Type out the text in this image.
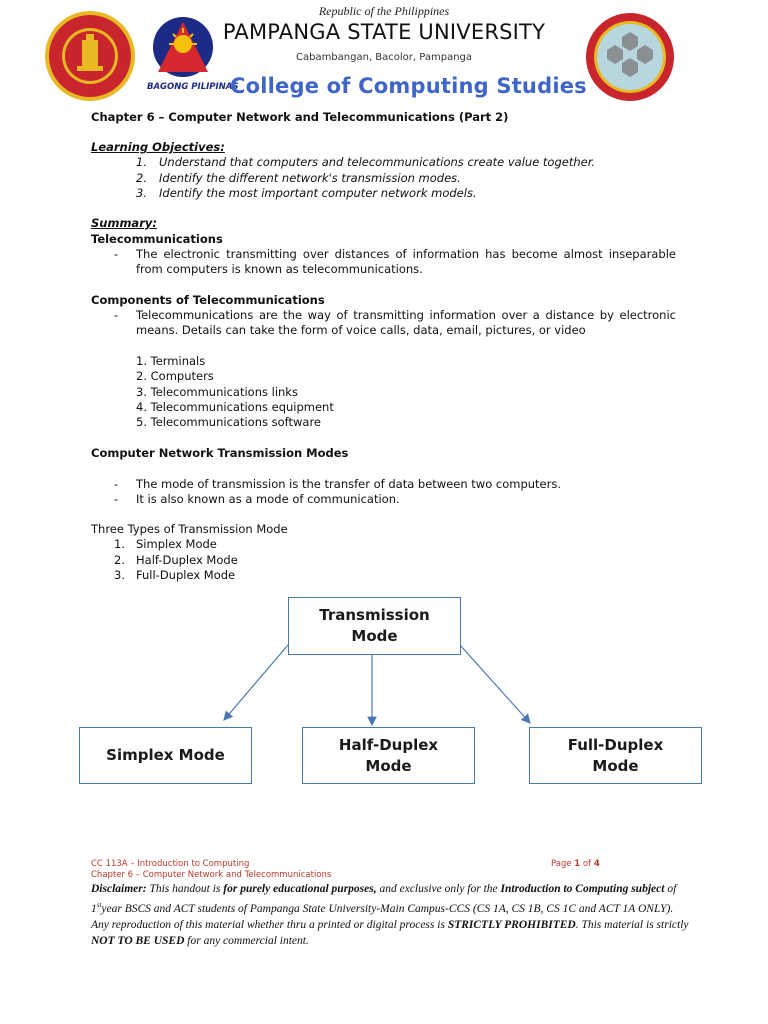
BAGONG PILIPINAS
Republic of the Philippines
PAMPANGA STATE UNIVERSITY
Cabambangan, Bacolor, Pampanga
College of Computing Studies
Chapter 6 – Computer Network and Telecommunications (Part 2)
Learning Objectives:
1. Understand that computers and telecommunications create value together.
2. Identify the different network's transmission modes.
3. Identify the most important computer network models.
Summary:
Telecommunications
- The electronic transmitting over distances of information has become almost inseparable from computers is known as telecommunications.
Components of Telecommunications
- Telecommunications are the way of transmitting information over a distance by electronic means. Details can take the form of voice calls, data, email, pictures, or video
1. Terminals
2. Computers
3. Telecommunications links
4. Telecommunications equipment
5. Telecommunications software
Computer Network Transmission Modes
- The mode of transmission is the transfer of data between two computers.
- It is also known as a mode of communication.
Three Types of Transmission Mode
1. Simplex Mode
2. Half-Duplex Mode
3. Full-Duplex Mode
Transmission Mode
Simplex Mode
Half-Duplex Mode
Full-Duplex Mode
CC 113A – Introduction to Computing
Chapter 6 – Computer Network and Telecommunications
Page 1 of 4
Disclaimer: This handout is for purely educational purposes, and exclusive only for the Introduction to Computing subject of 1styear BSCS and ACT students of Pampanga State University-Main Campus-CCS (CS 1A, CS 1B, CS 1C and ACT 1A ONLY). Any reproduction of this material whether thru a printed or digital process is STRICTLY PROHIBITED. This material is strictly NOT TO BE USED for any commercial intent.
